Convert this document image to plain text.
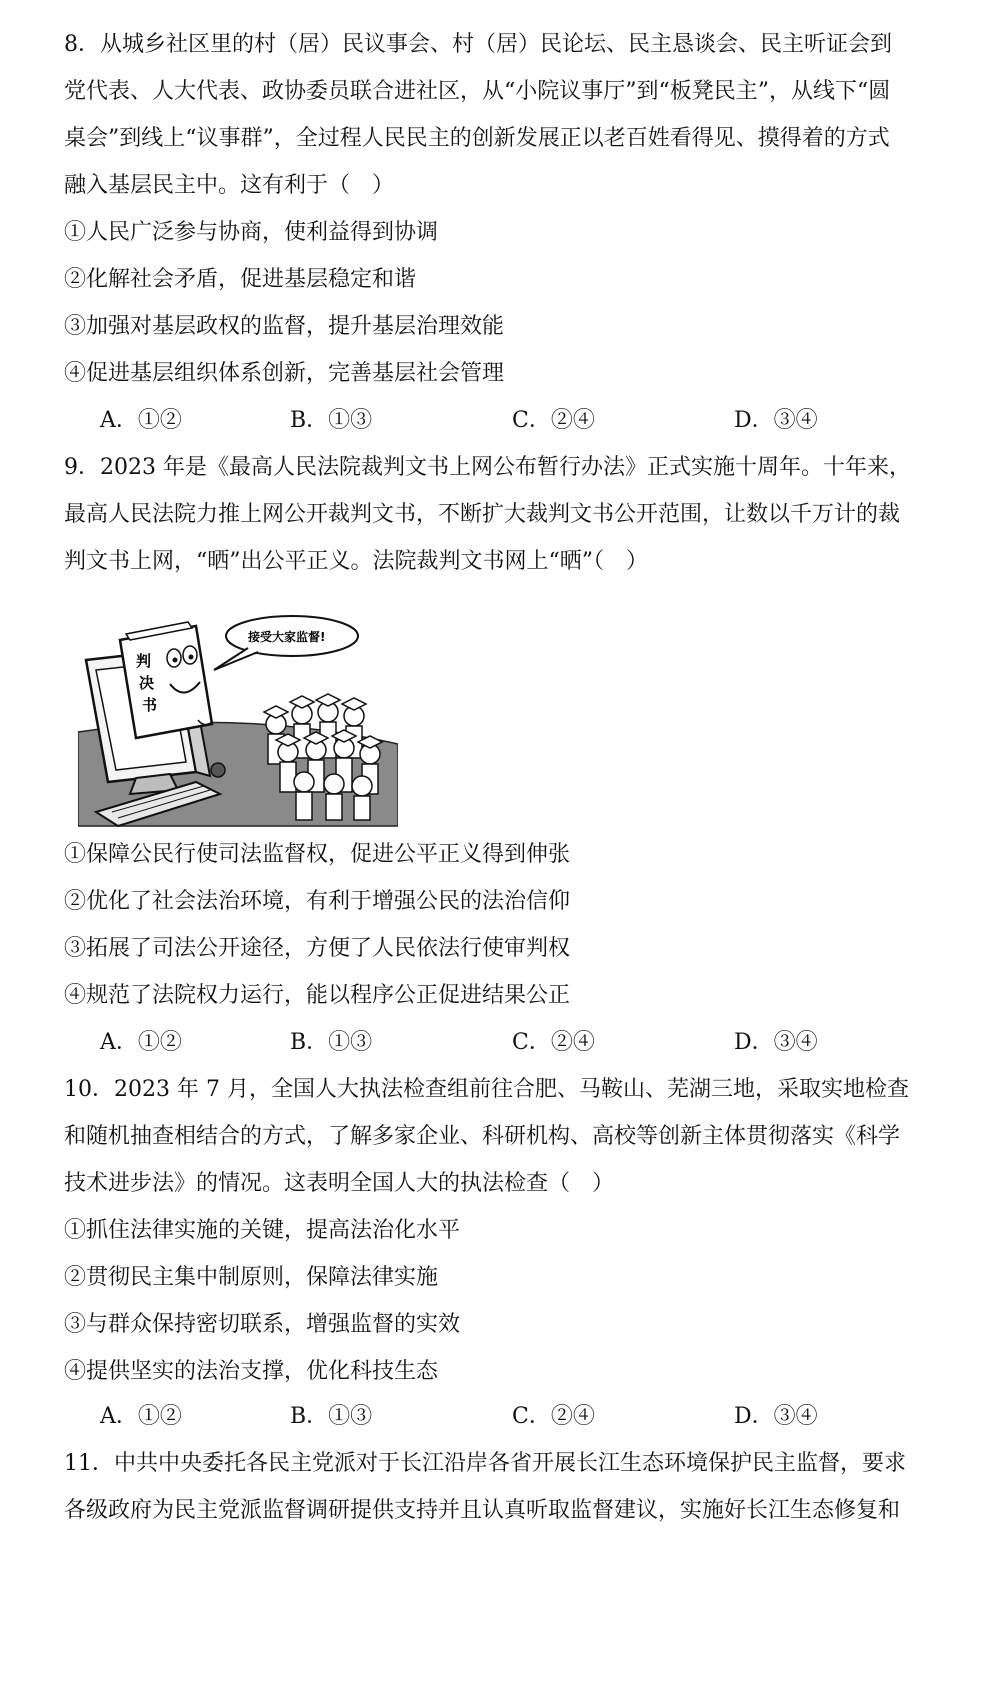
8．从城乡社区里的村（居）民议事会、村（居）民论坛、民主恳谈会、民主听证会到
党代表、人大代表、政协委员联合进社区，从“小院议事厅”到“板凳民主”，从线下“圆
桌会”到线上“议事群”，全过程人民民主的创新发展正以老百姓看得见、摸得着的方式
融入基层民主中。这有利于（　）
①人民广泛参与协商，使利益得到协调
②化解社会矛盾，促进基层稳定和谐
③加强对基层政权的监督，提升基层治理效能
④促进基层组织体系创新，完善基层社会管理
A．①②	B．①③	C．②④	D．③④
9．2023 年是《最高人民法院裁判文书上网公布暂行办法》正式实施十周年。十年来，
最高人民法院力推上网公开裁判文书，不断扩大裁判文书公开范围，让数以千万计的裁
判文书上网，“晒”出公平正义。法院裁判文书网上“晒”（　）
判
决
书
接受大家监督!
①保障公民行使司法监督权，促进公平正义得到伸张
②优化了社会法治环境，有利于增强公民的法治信仰
③拓展了司法公开途径，方便了人民依法行使审判权
④规范了法院权力运行，能以程序公正促进结果公正
A．①②	B．①③	C．②④	D．③④
10．2023 年 7 月，全国人大执法检查组前往合肥、马鞍山、芜湖三地，采取实地检查
和随机抽查相结合的方式，了解多家企业、科研机构、高校等创新主体贯彻落实《科学
技术进步法》的情况。这表明全国人大的执法检查（　）
①抓住法律实施的关键，提高法治化水平
②贯彻民主集中制原则，保障法律实施
③与群众保持密切联系，增强监督的实效
④提供坚实的法治支撑，优化科技生态
A．①②	B．①③	C．②④	D．③④
11．中共中央委托各民主党派对于长江沿岸各省开展长江生态环境保护民主监督，要求
各级政府为民主党派监督调研提供支持并且认真听取监督建议，实施好长江生态修复和
